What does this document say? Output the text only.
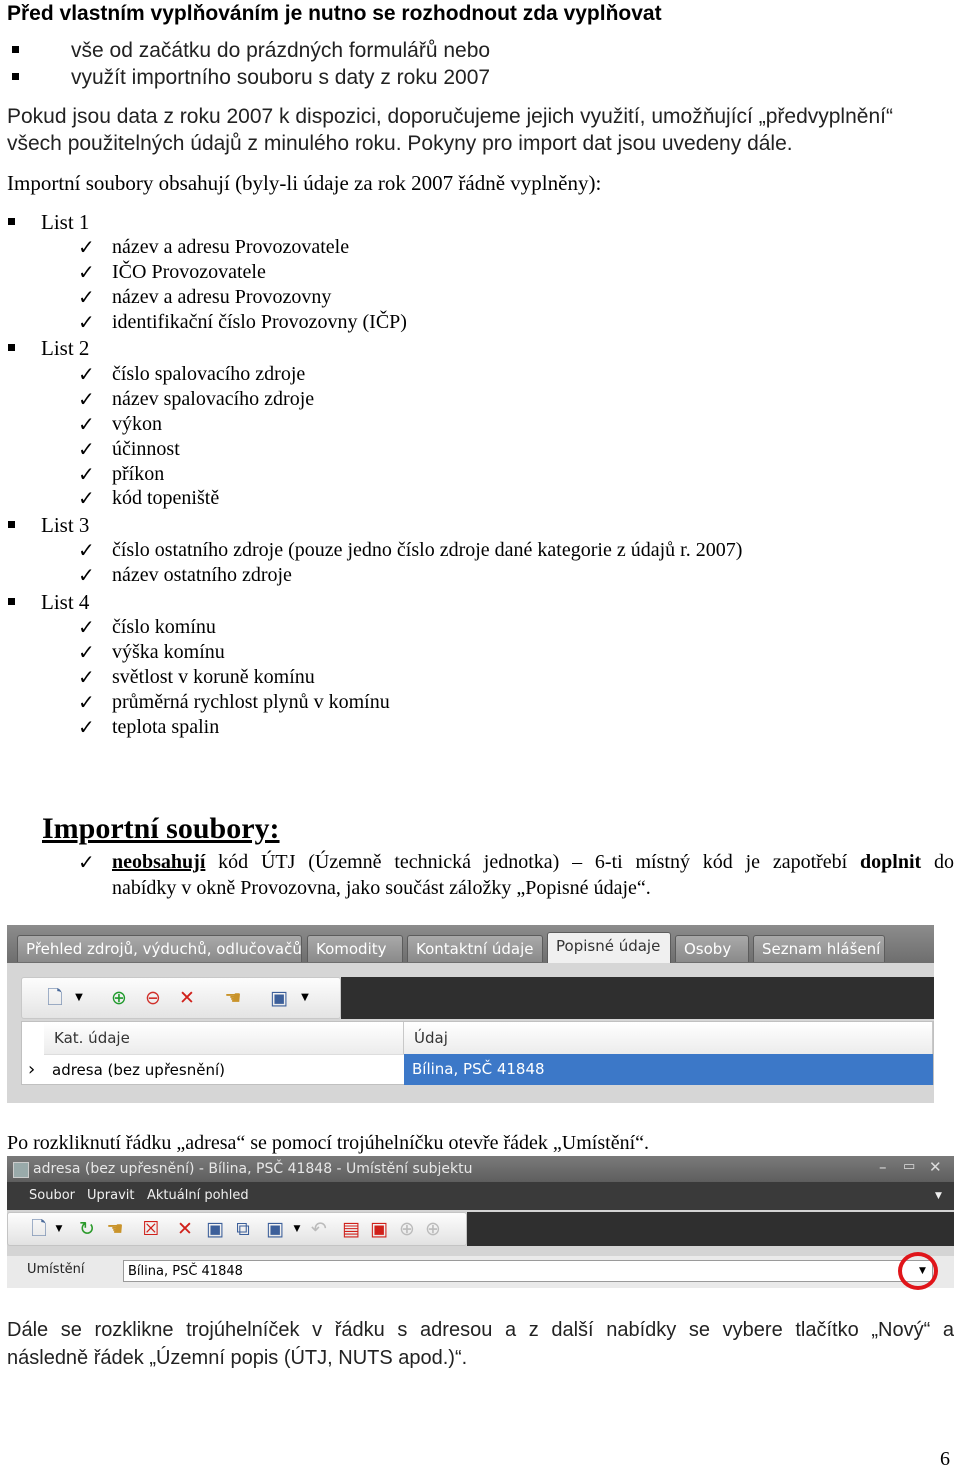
Před vlastním vyplňováním je nutno se rozhodnout zda vyplňovat
vše od začátku do prázdných formulářů nebo
využít importního souboru s daty z roku 2007
Pokud jsou data z roku 2007 k dispozici, doporučujeme jejich využití, umožňující „předvyplnění“
všech použitelných údajů z minulého roku. Pokyny pro import dat jsou uvedeny dále.
Importní soubory obsahují (byly-li údaje za rok 2007 řádně vyplněny):
List 1
✓ název a adresu Provozovatele
✓ IČO Provozovatele
✓ název a adresu Provozovny
✓ identifikační číslo Provozovny (IČP)
List 2
✓ číslo spalovacího zdroje
✓ název spalovacího zdroje
✓ výkon
✓ účinnost
✓ příkon
✓ kód topeniště
List 3
✓ číslo ostatního zdroje (pouze jedno číslo zdroje dané kategorie z údajů r. 2007)
✓ název ostatního zdroje
List 4
✓ číslo komínu
✓ výška komínu
✓ světlost v koruně komínu
✓ průměrná rychlost plynů v komínu
✓ teplota spalin
Importní soubory:
✓ neobsahují kód ÚTJ (Územně technická jednotka) – 6-ti místný kód je zapotřebí doplnit do
nabídky v okně Provozovna, jako součást záložky „Popisné údaje“.
Přehled zdrojů, výduchů, odlučovačů Komodity	Kontaktní údaje	Popisné údaje	Osoby	Seznam hlášení
🗋	▼	⊕ ⊖ ✕ ☚ ▣	▼
Kat. údaje	Údaj
›	adresa (bez upřesnění)	Bílina, PSČ 41848
Po rozkliknutí řádku „adresa“ se pomocí trojúhelníčku otevře řádek „Umístění“.
adresa (bez upřesnění) - Bílina, PSČ 41848 - Umístění subjektu	– ▭ ✕
Soubor Upravit Aktuální pohled	▼
🗋 ▼ ↻ ☚ ☒ ✕ ▣ ⧉ ▣	▼ ↶ ▤ ▣ ⊕ ⊕
Umístění	Bílina, PSČ 41848	▼
Dále se rozklikne trojúhelníček v řádku s adresou a z další nabídky se vybere tlačítko „Nový“ a
následně řádek „Územní popis (ÚTJ, NUTS apod.)“.
6
